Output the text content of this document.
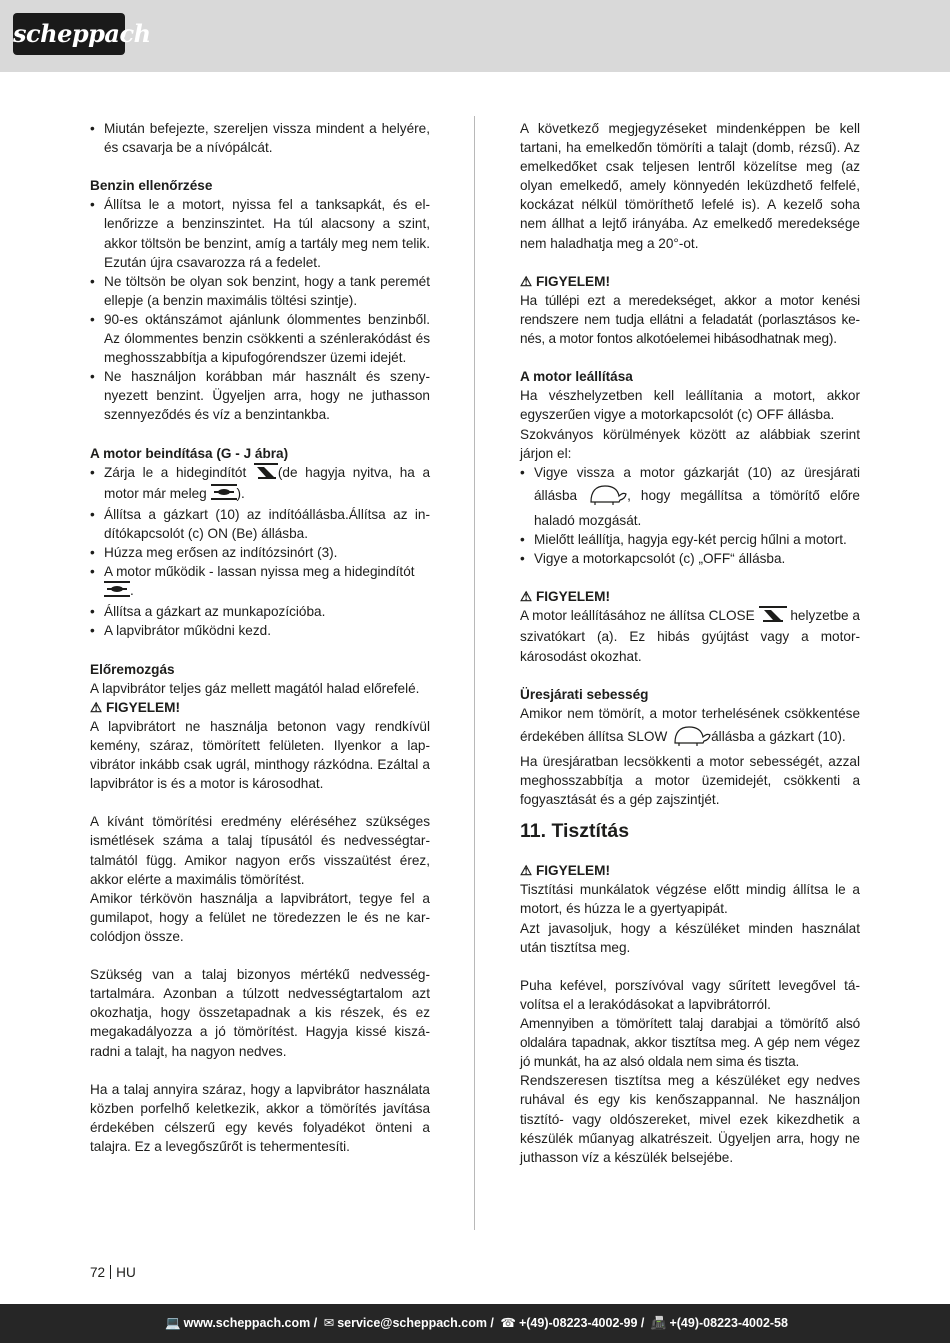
scheppach
• Miután befejezte, szereljen vissza mindent a helyére, és csavarja be a nívópálcát.

Benzin ellenőrzése

• Állítsa le a motort, nyissa fel a tanksapkát, és ellenőrizze a benzinszintet. Ha túl alacsony a szint, akkor töltsön be benzint, amíg a tartály meg nem telik. Ezután újra csavarozza rá a fedelet.
• Ne töltsön be olyan sok benzint, hogy a tank peremét ellepje (a benzin maximális töltési szintje).
• 90-es oktánszámot ajánlunk ólommentes benzinből. Az ólommentes benzin csökkenti a szénlerakódást és meghosszabbítja a kipufogórendszer üzemi idejét.
• Ne használjon korábban már használt és szenynyezett benzint. Ügyeljen arra, hogy ne juthasson szennyeződés és víz a benzintankba.

A motor beindítása (G - J ábra)

• Zárja le a hidegindítót (de hagyja nyitva, ha a motor már meleg ).
• Állítsa a gázkart (10) az indítóállásba.Állítsa az indítókapcsolót (c) ON (Be) állásba.
• Húzza meg erősen az indítózsinórt (3).
• A motor működik - lassan nyissa meg a hidegindítót
.
• Állítsa a gázkart az munkapozícióba.
• A lapvibrátor működni kezd.

Előremozgás

A lapvibrátor teljes gáz mellett magától halad előrefelé.

⚠ FIGYELEM!

A lapvibrátort ne használja betonon vagy rendkívül kemény, száraz, tömörített felületen. Ilyenkor a lapvibrátor inkább csak ugrál, minthogy rázkódna. Ezáltal a lapvibrátor is és a motor is károsodhat.

A kívánt tömörítési eredmény eléréséhez szükséges ismétlések száma a talaj típusától és nedvességtartalmától függ. Amikor nagyon erős visszaütést érez, akkor elérte a maximális tömörítést.

Amikor térkövön használja a lapvibrátort, tegye fel a gumilapot, hogy a felület ne töredezzen le és ne karcolódjon össze.

Szükség van a talaj bizonyos mértékű nedvességtartalmára. Azonban a túlzott nedvességtartalom azt okozhatja, hogy összetapadnak a kis részek, és ez megakadályozza a jó tömörítést. Hagyja kissé kiszáradni a talajt, ha nagyon nedves.

Ha a talaj annyira száraz, hogy a lapvibrátor használata közben porfelhő keletkezik, akkor a tömörítés javítása érdekében célszerű egy kevés folyadékot önteni a talajra. Ez a levegőszűrőt is tehermentesíti.

A következő megjegyzéseket mindenképpen be kell tartani, ha emelkedőn tömöríti a talajt (domb, rézsű). Az emelkedőket csak teljesen lentről közelítse meg (az olyan emelkedő, amely könnyedén leküzdhető felfelé, kockázat nélkül tömöríthető lefelé is). A kezelő soha nem állhat a lejtő irányába. Az emelkedő meredeksége nem haladhatja meg a 20°-ot.

⚠ FIGYELEM!

Ha túllépi ezt a meredekséget, akkor a motor kenési rendszere nem tudja ellátni a feladatát (porlasztásos kenés, a motor fontos alkotóelemei hibásodhatnak meg).

A motor leállítása

Ha vészhelyzetben kell leállítania a motort, akkor egyszerűen vigye a motorkapcsolót (c) OFF állásba.

Szokványos körülmények között az alábbiak szerint járjon el:

• Vigye vissza a motor gázkarját (10) az üresjárati állásba	, hogy megállítsa a tömörítő előre haladó mozgását.
• Mielőtt leállítja, hagyja egy-két percig hűlni a motort.
• Vigye a motorkapcsolót (c) „OFF“ állásba.

⚠ FIGYELEM!

A motor leállításához ne állítsa CLOSE  helyzetbe a szivatókart (a). Ez hibás gyújtást vagy a motorkárosodást okozhat.

Üresjárati sebesség

Amikor nem tömörít, a motor terhelésének csökkentése érdekében állítsa SLOW	állásba a gázkart (10).

Ha üresjáratban lecsökkenti a motor sebességét, azzal meghosszabbítja a motor üzemidejét, csökkenti a fogyasztását és a gép zajszintjét.

11. Tisztítás

⚠ FIGYELEM!

Tisztítási munkálatok végzése előtt mindig állítsa le a motort, és húzza le a gyertyapipát.

Azt javasoljuk, hogy a készüléket minden használat után tisztítsa meg.

Puha kefével, porszívóval vagy sűrített levegővel távolítsa el a lerakódásokat a lapvibrátorról.

Amennyiben a tömörített talaj darabjai a tömörítő alsó oldalára tapadnak, akkor tisztítsa meg. A gép nem végez jó munkát, ha az alsó oldala nem sima és tiszta.

Rendszeresen tisztítsa meg a készüléket egy nedves ruhával és egy kis kenőszappannal. Ne használjon tisztító- vagy oldószereket, mivel ezek kikezdhetik a készülék műanyag alkatrészeit. Ügyeljen arra, hogy ne juthasson víz a készülék belsejébe.

72 HU
💻 www.scheppach.com / ✉ service@scheppach.com / ☎ +(49)-08223-4002-99 / 📠 +(49)-08223-4002-58
